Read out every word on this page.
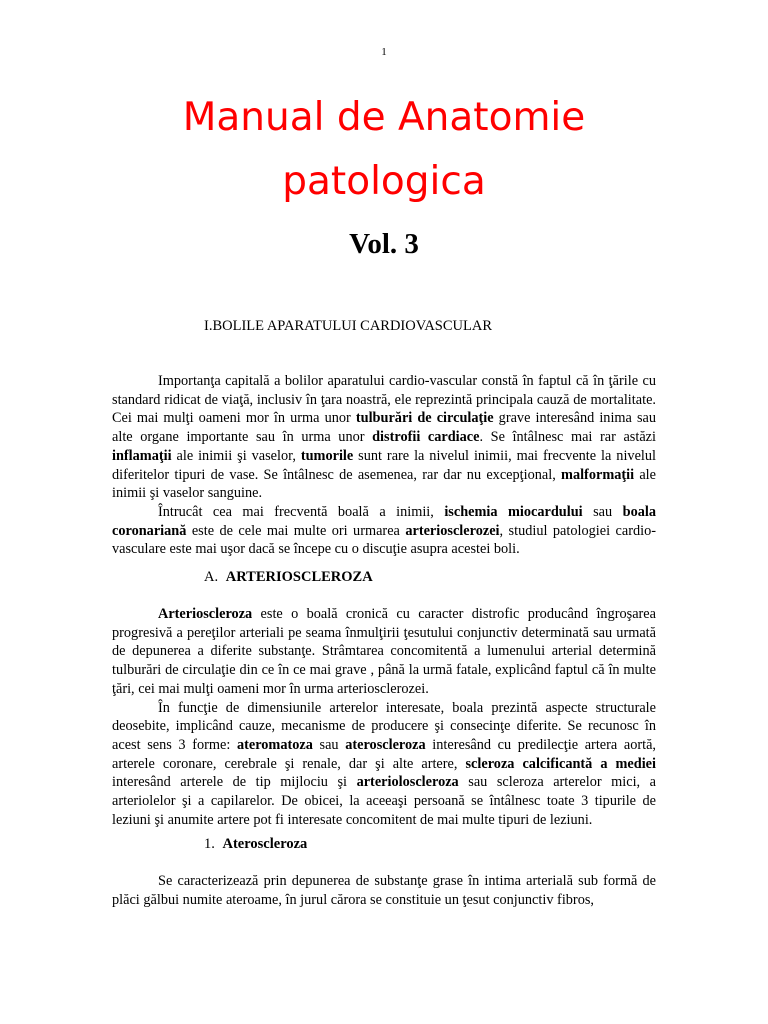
1
Manual de Anatomie
patologica
Vol. 3
I.BOLILE APARATULUI CARDIOVASCULAR

Importanţa capitală a bolilor aparatului cardio-vascular constă în faptul că în ţările cu standard ridicat de viaţă, inclusiv în ţara noastră, ele reprezintă principala cauză de mortalitate. Cei mai mulţi oameni mor în urma unor tulburări de circulaţie grave interesând inima sau alte organe importante sau în urma unor distrofii cardiace. Se întâlnesc mai rar astăzi inflamaţii ale inimii şi vaselor, tumorile sunt rare la nivelul inimii, mai frecvente la nivelul diferitelor tipuri de vase. Se întâlnesc de asemenea, rar dar nu excepţional, malformaţii ale inimii şi vaselor sanguine.

Întrucât cea mai frecventă boală a inimii, ischemia miocardului sau boala coronariană este de cele mai multe ori urmarea arteriosclerozei, studiul patologiei cardio-vasculare este mai uşor dacă se începe cu o discuţie asupra acestei boli.

A. ARTERIOSCLEROZA

Arterioscleroza este o boală cronică cu caracter distrofic producând îngroşarea progresivă a pereţilor arteriali pe seama înmulţirii ţesutului conjunctiv determinată sau urmată de depunerea a diferite substanţe. Strâmtarea concomitentă a lumenului arterial determină tulburări de circulaţie din ce în ce mai grave , până la urmă fatale, explicând faptul că în multe ţări, cei mai mulţi oameni mor în urma arteriosclerozei.

În funcţie de dimensiunile arterelor interesate, boala prezintă aspecte structurale deosebite, implicând cauze, mecanisme de producere şi consecinţe diferite. Se recunosc în acest sens 3 forme: ateromatoza sau ateroscleroza interesând cu predilecţie artera aortă, arterele coronare, cerebrale şi renale, dar şi alte artere, scleroza calcificantă a mediei interesând arterele de tip mijlociu şi arterioloscleroza sau scleroza arterelor mici, a arteriolelor şi a capilarelor. De obicei, la aceeaşi persoană se întâlnesc toate 3 tipurile de leziuni şi anumite artere pot fi interesate concomitent de mai multe tipuri de leziuni.

1. Ateroscleroza

Se caracterizează prin depunerea de substanţe grase în intima arterială sub formă de plăci gălbui numite ateroame, în jurul cărora se constituie un ţesut conjunctiv fibros,
